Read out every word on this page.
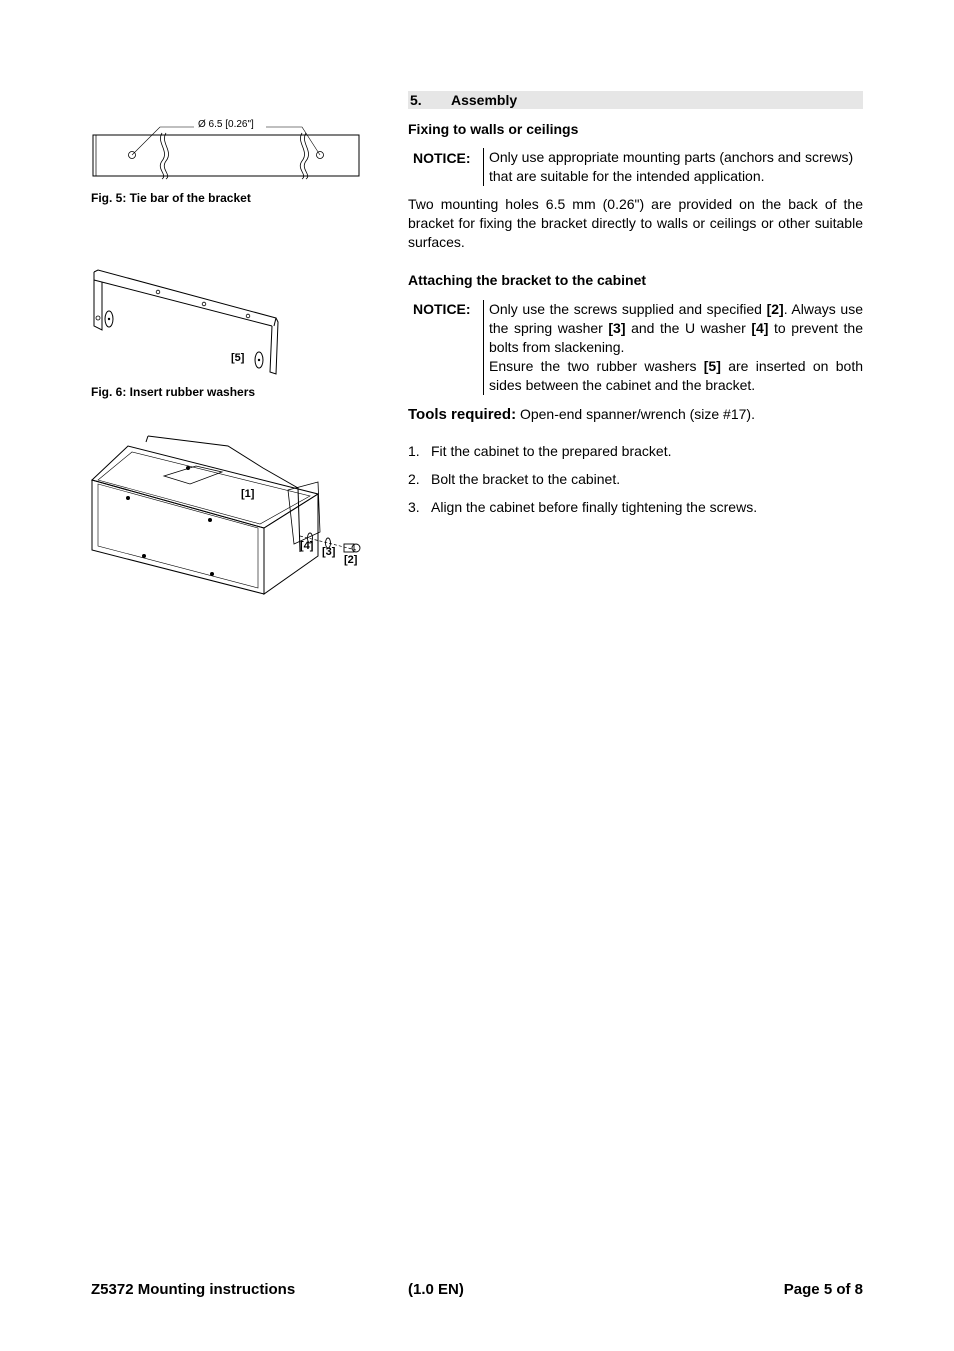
Ø 6.5 [0.26"]
Fig. 5: Tie bar of the bracket
[5]
Fig. 6: Insert rubber washers
[1]
[4] [3]
[2]
5. Assembly
Fixing to walls or ceilings
NOTICE: Only use appropriate mounting parts (anchors and screws)
that are suitable for the intended application.
Two mounting holes 6.5 mm (0.26") are provided on the back of the bracket for fixing the bracket directly to walls or ceilings or other suitable surfaces.
Attaching the bracket to the cabinet
NOTICE: Only use the screws supplied and specified [2]. Always use the spring washer [3] and the U washer [4] to prevent the bolts from slackening.
Ensure the two rubber washers [5] are inserted on both sides between the cabinet and the bracket.
Tools required: Open-end spanner/wrench (size #17).
1. Fit the cabinet to the prepared bracket.
2. Bolt the bracket to the cabinet.
3. Align the cabinet before finally tightening the screws.
Z5372 Mounting instructions	(1.0 EN)	Page 5 of 8
